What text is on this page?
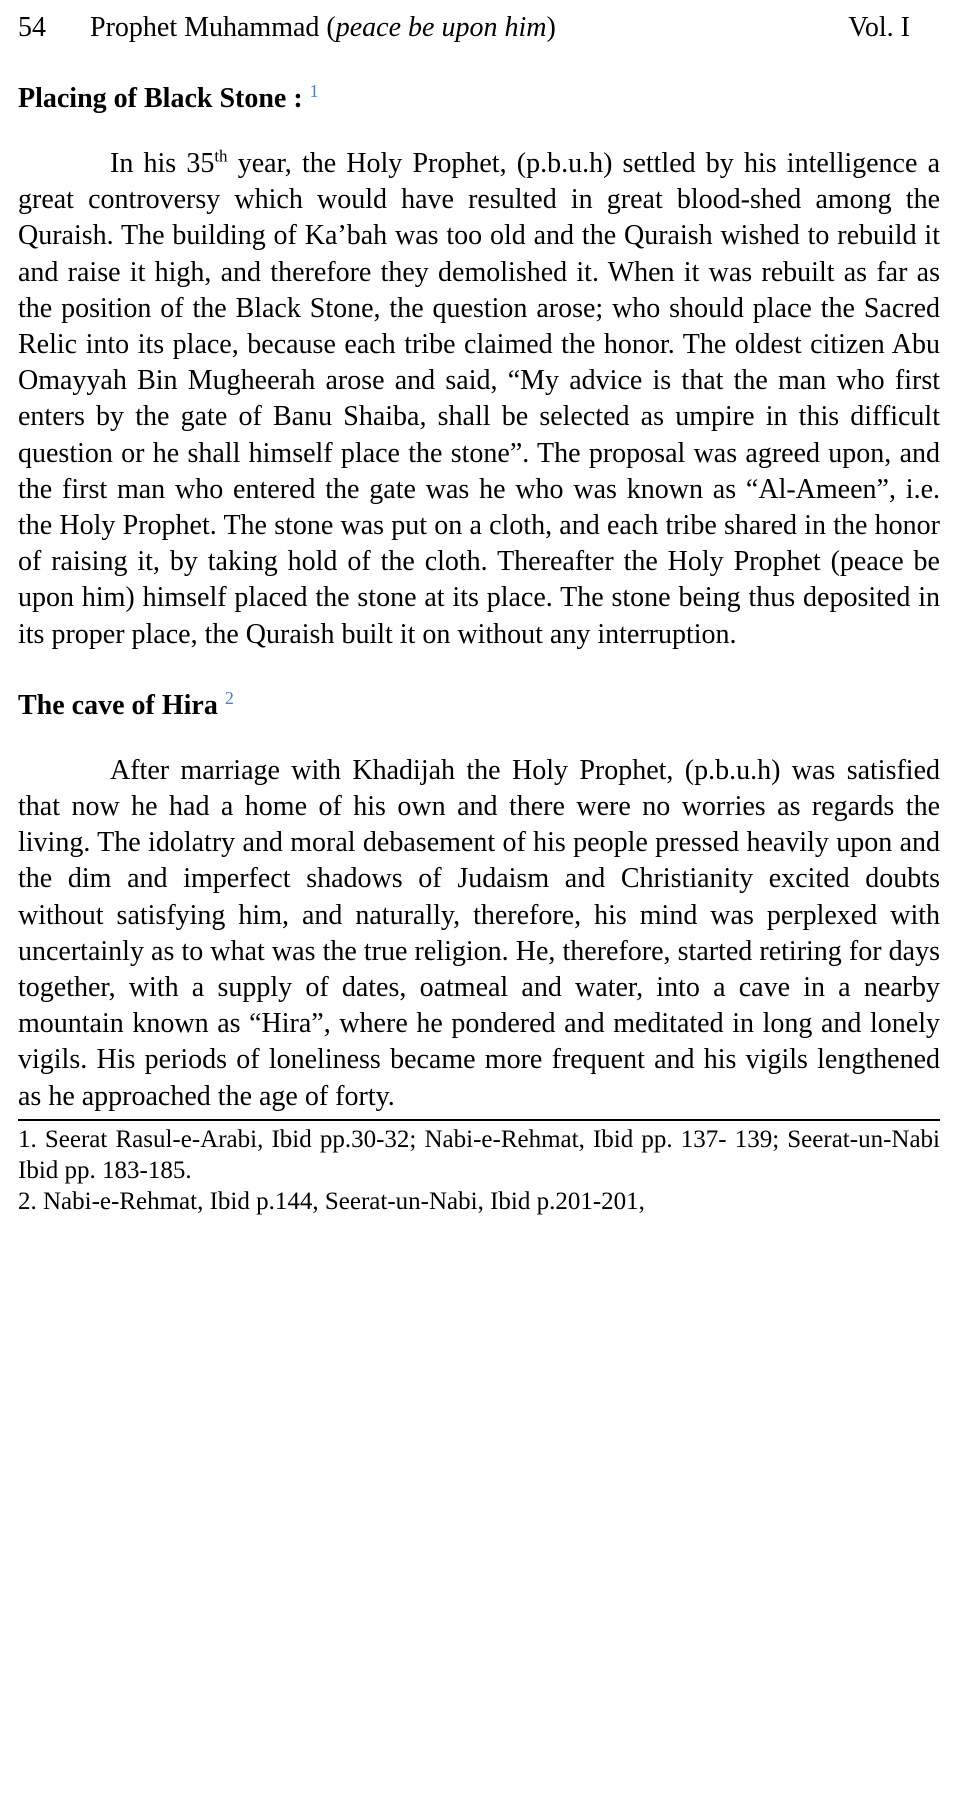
54	Prophet Muhammad (peace be upon him)	Vol. I
Placing of Black Stone : $^1$

In his 35th year, the Holy Prophet, (p.b.u.h) settled by his intelligence a great controversy which would have resulted in great blood-shed among the Quraish. The building of Ka’bah was too old and the Quraish wished to rebuild it and raise it high, and therefore they demolished it. When it was rebuilt as far as the position of the Black Stone, the question arose; who should place the Sacred Relic into its place, because each tribe claimed the honor. The oldest citizen Abu Omayyah Bin Mugheerah arose and said, “My advice is that the man who first enters by the gate of Banu Shaiba, shall be selected as umpire in this difficult question or he shall himself place the stone”. The proposal was agreed upon, and the first man who entered the gate was he who was known as “Al-Ameen”, i.e. the Holy Prophet. The stone was put on a cloth, and each tribe shared in the honor of raising it, by taking hold of the cloth. Thereafter the Holy Prophet (peace be upon him) himself placed the stone at its place. The stone being thus deposited in its proper place, the Quraish built it on without any interruption.

The cave of Hira $^2$

After marriage with Khadijah the Holy Prophet, (p.b.u.h) was satisfied that now he had a home of his own and there were no worries as regards the living. The idolatry and moral debasement of his people pressed heavily upon and the dim and imperfect shadows of Judaism and Christianity excited doubts without satisfying him, and naturally, therefore, his mind was perplexed with uncertainly as to what was the true religion. He, therefore, started retiring for days together, with a supply of dates, oatmeal and water, into a cave in a nearby mountain known as “Hira”, where he pondered and meditated in long and lonely vigils. His periods of loneliness became more frequent and his vigils lengthened as he approached the age of forty.

1. Seerat Rasul-e-Arabi, Ibid pp.30-32; Nabi-e-Rehmat, Ibid pp. 137- 139; Seerat-un-Nabi Ibid pp. 183-185.

2. Nabi-e-Rehmat, Ibid p.144, Seerat-un-Nabi, Ibid p.201-201,
